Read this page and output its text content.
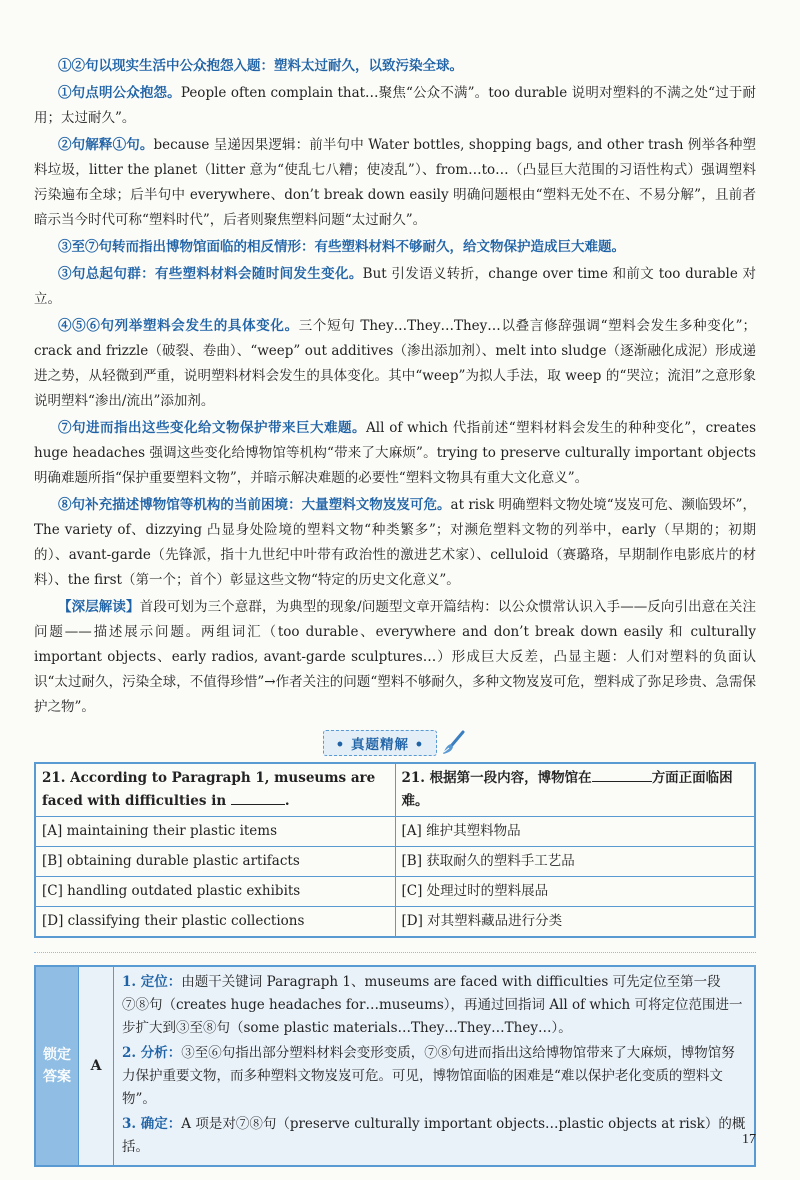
①②句以现实生活中公众抱怨入题：塑料太过耐久，以致污染全球。

①句点明公众抱怨。People often complain that…聚焦“公众不满”。too durable 说明对塑料的不满之处“过于耐用；太过耐久”。

②句解释①句。because 呈递因果逻辑：前半句中 Water bottles, shopping bags, and other trash 例举各种塑料垃圾，litter the planet（litter 意为“使乱七八糟；使凌乱”）、from…to…（凸显巨大范围的习语性构式）强调塑料污染遍布全球；后半句中 everywhere、don’t break down easily 明确问题根由“塑料无处不在、不易分解”，且前者暗示当今时代可称“塑料时代”，后者则聚焦塑料问题“太过耐久”。

③至⑦句转而指出博物馆面临的相反情形：有些塑料材料不够耐久，给文物保护造成巨大难题。

③句总起句群：有些塑料材料会随时间发生变化。But 引发语义转折，change over time 和前文 too durable 对立。

④⑤⑥句列举塑料会发生的具体变化。三个短句 They…They…They…以叠言修辞强调“塑料会发生多种变化”；crack and frizzle（破裂、卷曲）、“weep” out additives（渗出添加剂）、melt into sludge（逐渐融化成泥）形成递进之势，从轻微到严重，说明塑料材料会发生的具体变化。其中“weep”为拟人手法，取 weep 的“哭泣；流泪”之意形象说明塑料“渗出/流出”添加剂。

⑦句进而指出这些变化给文物保护带来巨大难题。All of which 代指前述“塑料材料会发生的种种变化”，creates huge headaches 强调这些变化给博物馆等机构“带来了大麻烦”。trying to preserve culturally important objects 明确难题所指“保护重要塑料文物”，并暗示解决难题的必要性“塑料文物具有重大文化意义”。

⑧句补充描述博物馆等机构的当前困境：大量塑料文物岌岌可危。at risk 明确塑料文物处境“岌岌可危、濒临毁坏”，The variety of、dizzying 凸显身处险境的塑料文物“种类繁多”；对濒危塑料文物的列举中，early（早期的；初期的）、avant-garde（先锋派，指十九世纪中叶带有政治性的激进艺术家）、celluloid（赛璐珞，早期制作电影底片的材料）、the first（第一个；首个）彰显这些文物“特定的历史文化意义”。

【深层解读】首段可划为三个意群，为典型的现象/问题型文章开篇结构：以公众惯常认识入手——反向引出意在关注问题——描述展示问题。两组词汇（too durable、everywhere and don’t break down easily 和 culturally important objects、early radios, avant-garde sculptures…）形成巨大反差，凸显主题：人们对塑料的负面认识“太过耐久，污染全球，不值得珍惜”→作者关注的问题“塑料不够耐久，多种文物岌岌可危，塑料成了弥足珍贵、急需保护之物”。

• 真题精解 •
21. According to Paragraph 1, museums are faced with difficulties in .	21. 根据第一段内容，博物馆在 方面正面临困难。
[A] maintaining their plastic items	[A] 维护其塑料物品
[B] obtaining durable plastic artifacts	[B] 获取耐久的塑料手工艺品
[C] handling outdated plastic exhibits	[C] 处理过时的塑料展品
[D] classifying their plastic collections	[D] 对其塑料藏品进行分类
锁定答案
A

1. 定位：由题干关键词 Paragraph 1、museums are faced with difficulties 可先定位至第一段⑦⑧句（creates huge headaches for…museums），再通过回指词 All of which 可将定位范围进一步扩大到③至⑧句（some plastic materials…They…They…They…）。

2. 分析：③至⑥句指出部分塑料材料会变形变质，⑦⑧句进而指出这给博物馆带来了大麻烦，博物馆努力保护重要文物，而多种塑料文物岌岌可危。可见，博物馆面临的困难是“难以保护老化变质的塑料文物”。

3. 确定：A 项是对⑦⑧句（preserve culturally important objects…plastic objects at risk）的概括。	17
